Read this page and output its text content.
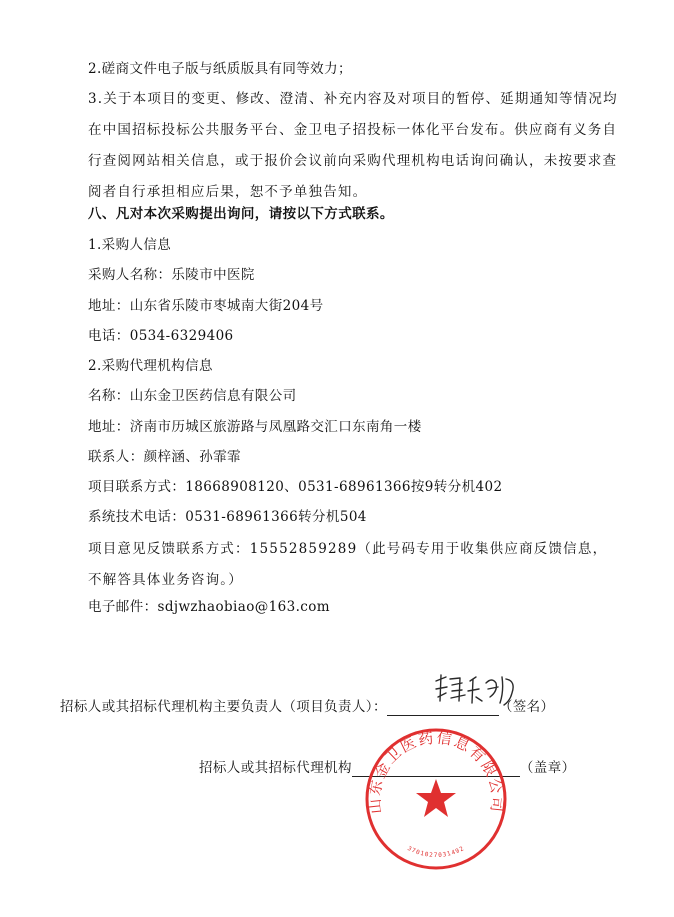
2.磋商文件电子版与纸质版具有同等效力；
3.关于本项目的变更、修改、澄清、补充内容及对项目的暂停、延期通知等情况均在中国招标投标公共服务平台、金卫电子招投标一体化平台发布。供应商有义务自行查阅网站相关信息，或于报价会议前向采购代理机构电话询问确认，未按要求查阅者自行承担相应后果，恕不予单独告知。
八、凡对本次采购提出询问，请按以下方式联系。
1.采购人信息
采购人名称：乐陵市中医院
地址：山东省乐陵市枣城南大街204号
电话：0534-6329406
2.采购代理机构信息
名称：山东金卫医药信息有限公司
地址：济南市历城区旅游路与凤凰路交汇口东南角一楼
联系人：颜梓涵、孙霏霏
项目联系方式：18668908120、0531-68961366按9转分机402
系统技术电话：0531-68961366转分机504
项目意见反馈联系方式：15552859289（此号码专用于收集供应商反馈信息，不解答具体业务咨询。）
电子邮件：sdjwzhaobiao@163.com
招标人或其招标代理机构主要负责人（项目负责人）：	（签名）
招标人或其招标代理机构	（盖章）
山东金卫医药信息有限公司
3701027031492
